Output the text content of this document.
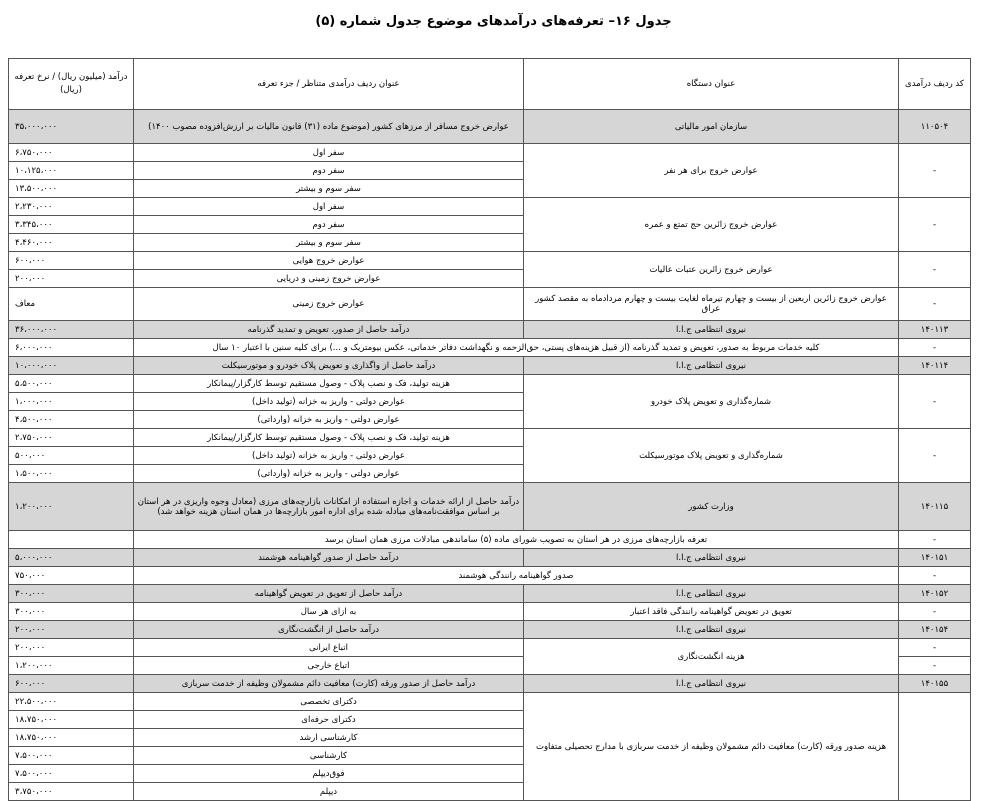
جدول ۱۶– تعرفه‌های درآمدهای موضوع جدول شماره (۵)
کد ردیف درآمدی	عنوان دستگاه	عنوان ردیف درآمدی متناظر / جزء تعرفه	درآمد (میلیون ریال) / نرخ تعرفه (ریال)
۱۱۰۵۰۴	سازمان امور مالیاتی	عوارض خروج مسافر از مرزهای کشور (موضوع ماده (۳۱) قانون مالیات بر ارزش‌افزوده مصوب ۱۴۰۰)	۳۵،۰۰۰،۰۰۰
-	عوارض خروج برای هر نفر	سفر اول	۶،۷۵۰،۰۰۰
		سفر دوم	۱۰،۱۲۵،۰۰۰
		سفر سوم و بیشتر	۱۳،۵۰۰،۰۰۰
-	عوارض خروج زائرین حج تمتع و عمره	سفر اول	۲،۲۳۰،۰۰۰
		سفر دوم	۳،۳۴۵،۰۰۰
		سفر سوم و بیشتر	۴،۴۶۰،۰۰۰
-	عوارض خروج زائرین عتبات عالیات	عوارض خروج هوایی	۶۰۰،۰۰۰
		عوارض خروج زمینی و دریایی	۲۰۰،۰۰۰
-	عوارض خروج زائرین اربعین از بیست و چهارم تیرماه لغایت بیست و چهارم مردادماه به مقصد کشور عراق	عوارض خروج زمینی	معاف
۱۴۰۱۱۳	نیروی انتظامی ج.ا.ا	درآمد حاصل از صدور، تعویض و تمدید گذرنامه	۳۶،۰۰۰،۰۰۰
-	کلیه خدمات مربوط به صدور، تعویض و تمدید گذرنامه (از قبیل هزینه‌های پستی، حق‌الزحمه و نگهداشت دفاتر خدماتی، عکس بیومتریک و ...) برای کلیه سنین با اعتبار ۱۰ سال		۶،۰۰۰،۰۰۰
۱۴۰۱۱۴	نیروی انتظامی ج.ا.ا	درآمد حاصل از واگذاری و تعویض پلاک خودرو و موتورسیکلت	۱۰،۰۰۰،۰۰۰
-	شماره‌گذاری و تعویض پلاک خودرو	هزینه تولید، فک و نصب پلاک - وصول مستقیم توسط کارگزار/پیمانکار	۵،۵۰۰،۰۰۰
		عوارض دولتی - واریز به خزانه (تولید داخل)	۱،۰۰۰،۰۰۰
		عوارض دولتی - واریز به خزانه (وارداتی)	۴،۵۰۰،۰۰۰
-	شماره‌گذاری و تعویض پلاک موتورسیکلت	هزینه تولید، فک و نصب پلاک - وصول مستقیم توسط کارگزار/پیمانکار	۲،۷۵۰،۰۰۰
		عوارض دولتی - واریز به خزانه (تولید داخل)	۵۰۰،۰۰۰
		عوارض دولتی - واریز به خزانه (وارداتی)	۱،۵۰۰،۰۰۰
۱۴۰۱۱۵	وزارت کشور	درآمد حاصل از ارائه خدمات و اجازه استفاده از امکانات بازارچه‌های مرزی (معادل وجوه واریزی در هر استان بر اساس موافقت‌نامه‌های مبادله شده برای اداره امور بازارچه‌ها در همان استان هزینه خواهد شد)	۱،۲۰۰،۰۰۰
-	تعرفه بازارچه‌های مرزی در هر استان به تصویب شورای ماده (۵) ساماندهی مبادلات مرزی همان استان برسد		
۱۴۰۱۵۱	نیروی انتظامی ج.ا.ا	درآمد حاصل از صدور گواهینامه هوشمند	۵،۰۰۰،۰۰۰
-	صدور گواهینامه رانندگی هوشمند		۷۵۰،۰۰۰
۱۴۰۱۵۲	نیروی انتظامی ج.ا.ا	درآمد حاصل از تعویق در تعویض گواهینامه	۳۰۰،۰۰۰
-	تعویق در تعویض گواهینامه رانندگی فاقد اعتبار	به ازای هر سال	۳۰۰،۰۰۰
۱۴۰۱۵۴	نیروی انتظامی ج.ا.ا	درآمد حاصل از انگشت‌نگاری	۲۰۰،۰۰۰
-	هزینه انگشت‌نگاری	اتباع ایرانی	۲۰۰،۰۰۰
-		اتباع خارجی	۱،۲۰۰،۰۰۰
۱۴۰۱۵۵	نیروی انتظامی ج.ا.ا	درآمد حاصل از صدور ورقه (کارت) معافیت دائم مشمولان وظیفه از خدمت سربازی	۶۰۰،۰۰۰
	هزینه صدور ورقه (کارت) معافیت دائم مشمولان وظیفه از خدمت سربازی با مدارج تحصیلی متفاوت	دکترای تخصصی	۲۲،۵۰۰،۰۰۰
		دکترای حرفه‌ای	۱۸،۷۵۰،۰۰۰
		کارشناسی ارشد	۱۸،۷۵۰،۰۰۰
		کارشناسی	۷،۵۰۰،۰۰۰
		فوق‌دیپلم	۷،۵۰۰،۰۰۰
		دیپلم	۳،۷۵۰،۰۰۰
